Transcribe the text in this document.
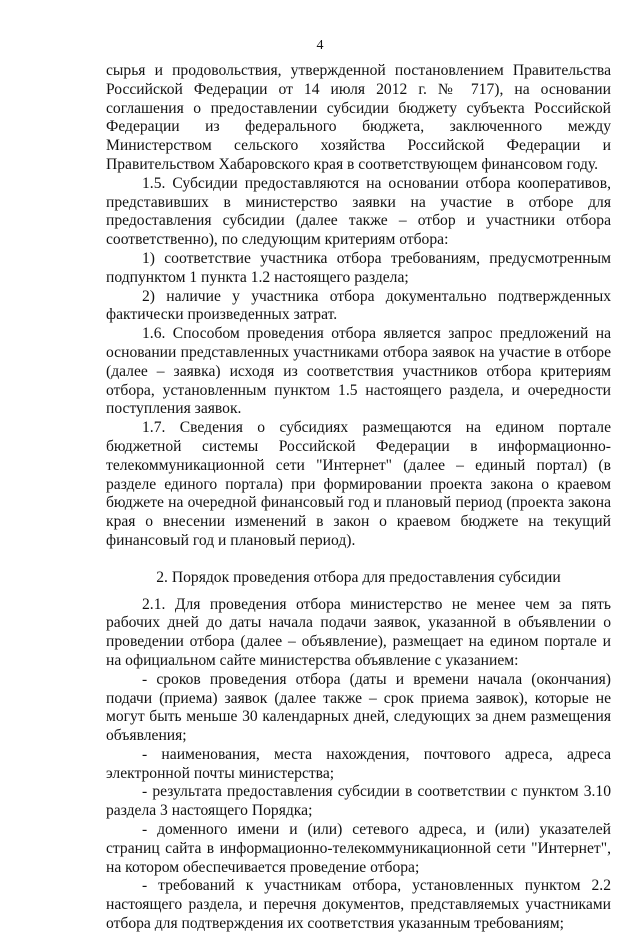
4

сырья и продовольствия, утвержденной постановлением Правительства Российской Федерации от 14 июля 2012 г. № 717), на основании соглашения о предоставлении субсидии бюджету субъекта Российской Федерации из федерального бюджета, заключенного между Министерством сельского хозяйства Российской Федерации и Правительством Хабаровского края в соответствующем финансовом году.

1.5. Субсидии предоставляются на основании отбора кооперативов, представивших в министерство заявки на участие в отборе для предоставления субсидии (далее также – отбор и участники отбора соответственно), по следующим критериям отбора:

1) соответствие участника отбора требованиям, предусмотренным подпунктом 1 пункта 1.2 настоящего раздела;

2) наличие у участника отбора документально подтвержденных фактически произведенных затрат.

1.6. Способом проведения отбора является запрос предложений на основании представленных участниками отбора заявок на участие в отборе (далее – заявка) исходя из соответствия участников отбора критериям отбора, установленным пунктом 1.5 настоящего раздела, и очередности поступления заявок.

1.7. Сведения о субсидиях размещаются на едином портале бюджетной системы Российской Федерации в информационно-телекоммуникационной сети "Интернет" (далее – единый портал) (в разделе единого портала) при формировании проекта закона о краевом бюджете на очередной финансовый год и плановый период (проекта закона края о внесении изменений в закон о краевом бюджете на текущий финансовый год и плановый период).

2. Порядок проведения отбора для предоставления субсидии

2.1. Для проведения отбора министерство не менее чем за пять рабочих дней до даты начала подачи заявок, указанной в объявлении о проведении отбора (далее – объявление), размещает на едином портале и на официальном сайте министерства объявление с указанием:

- сроков проведения отбора (даты и времени начала (окончания) подачи (приема) заявок (далее также – срок приема заявок), которые не могут быть меньше 30 календарных дней, следующих за днем размещения объявления;

- наименования, места нахождения, почтового адреса, адреса электронной почты министерства;

- результата предоставления субсидии в соответствии с пунктом 3.10 раздела 3 настоящего Порядка;

- доменного имени и (или) сетевого адреса, и (или) указателей страниц сайта в информационно-телекоммуникационной сети "Интернет", на котором обеспечивается проведение отбора;

- требований к участникам отбора, установленных пунктом 2.2 настоящего раздела, и перечня документов, представляемых участниками отбора для подтверждения их соответствия указанным требованиям;
